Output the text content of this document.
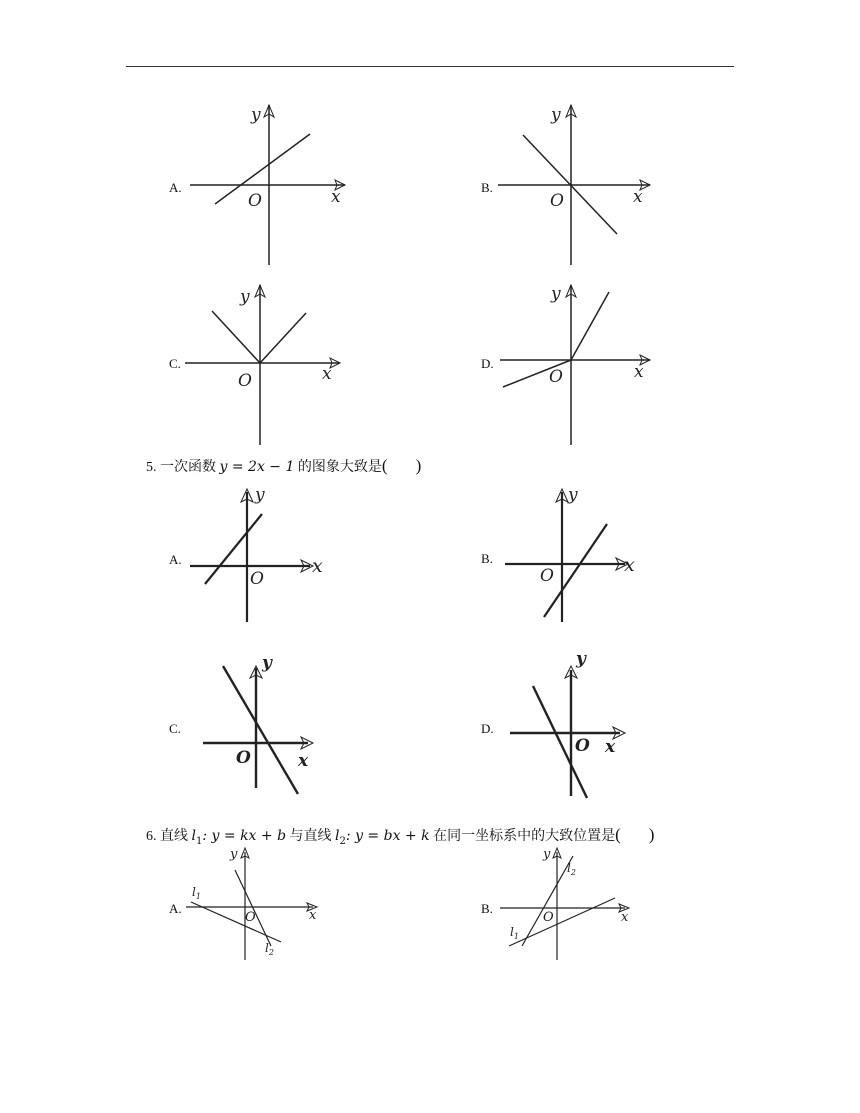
A.
y
x
O
B.
y
x
O
C.
y
x
O
D.
y
x
O
5. 一次函数 y = 2x − 1 的图象大致是( )
A.
y
x
O
B.
y
x
O
C.
y
x
O
D.
y
x
O
6. 直线 $l_1$: y = kx + b 与直线 $l_2$: y = bx + k 在同一坐标系中的大致位置是( )
A.
y
x
O
$l_1$
$l_2$
B.
y
x
O
$l_1$
$l_2$
